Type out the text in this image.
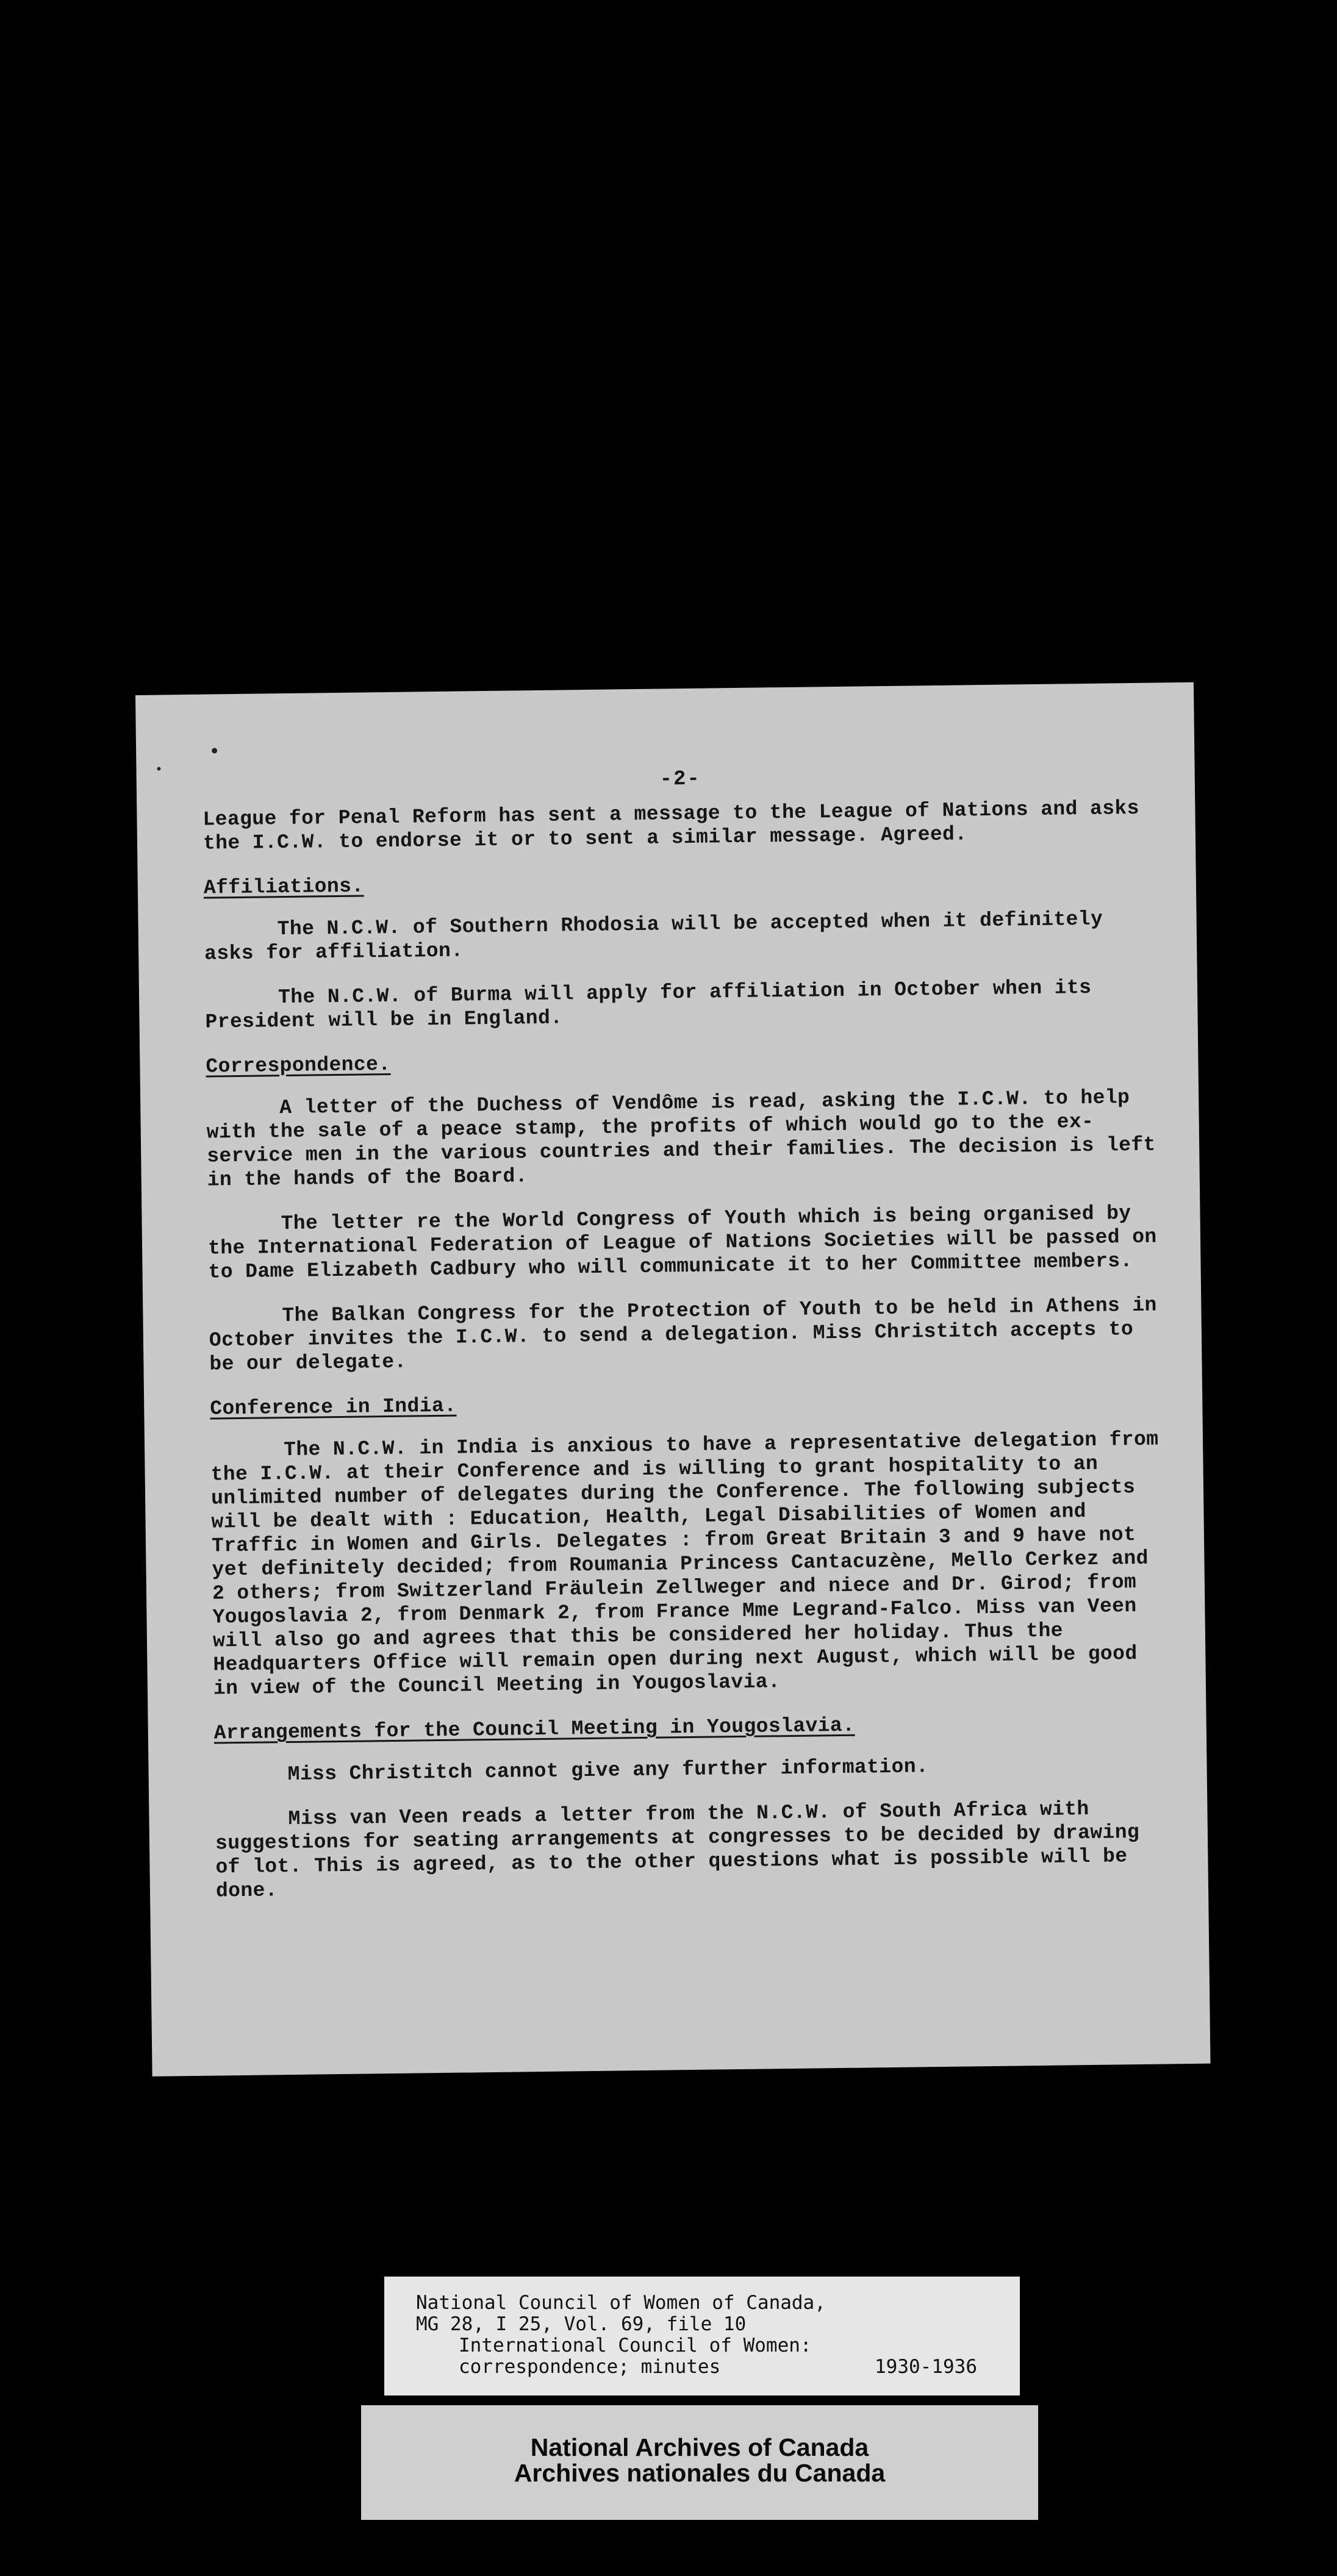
-2-

League for Penal Reform has sent a message to the League of Nations and asks the I.C.W. to endorse it or to sent a similar message. Agreed.

Affiliations.

The N.C.W. of Southern Rhodosia will be accepted when it definitely asks for affiliation.

The N.C.W. of Burma will apply for affiliation in October when its President will be in England.

Correspondence.

A letter of the Duchess of Vendôme is read, asking the I.C.W. to help with the sale of a peace stamp, the profits of which would go to the ex-service men in the various countries and their families. The decision is left in the hands of the Board.

The letter re the World Congress of Youth which is being organised by the International Federation of League of Nations Societies will be passed on to Dame Elizabeth Cadbury who will communicate it to her Committee members.

The Balkan Congress for the Protection of Youth to be held in Athens in October invites the I.C.W. to send a delegation. Miss Christitch accepts to be our delegate.

Conference in India.

The N.C.W. in India is anxious to have a representative delegation from the I.C.W. at their Conference and is willing to grant hospitality to an unlimited number of delegates during the Conference. The following subjects will be dealt with : Education, Health, Legal Disabilities of Women and Traffic in Women and Girls. Delegates : from Great Britain 3 and 9 have not yet definitely decided; from Roumania Princess Cantacuzène, Mello Cerkez and 2 others; from Switzerland Fräulein Zellweger and niece and Dr. Girod; from Yougoslavia 2, from Denmark 2, from France Mme Legrand-Falco. Miss van Veen will also go and agrees that this be considered her holiday. Thus the Headquarters Office will remain open during next August, which will be good in view of the Council Meeting in Yougoslavia.

Arrangements for the Council Meeting in Yougoslavia.

Miss Christitch cannot give any further information.

Miss van Veen reads a letter from the N.C.W. of South Africa with suggestions for seating arrangements at congresses to be decided by drawing of lot. This is agreed, as to the other questions what is possible will be done.

National Council of Women of Canada,
MG 28, I 25, Vol. 69, file 10
International Council of Women:
correspondence; minutes	1930-1936
National Archives of Canada
Archives nationales du Canada
